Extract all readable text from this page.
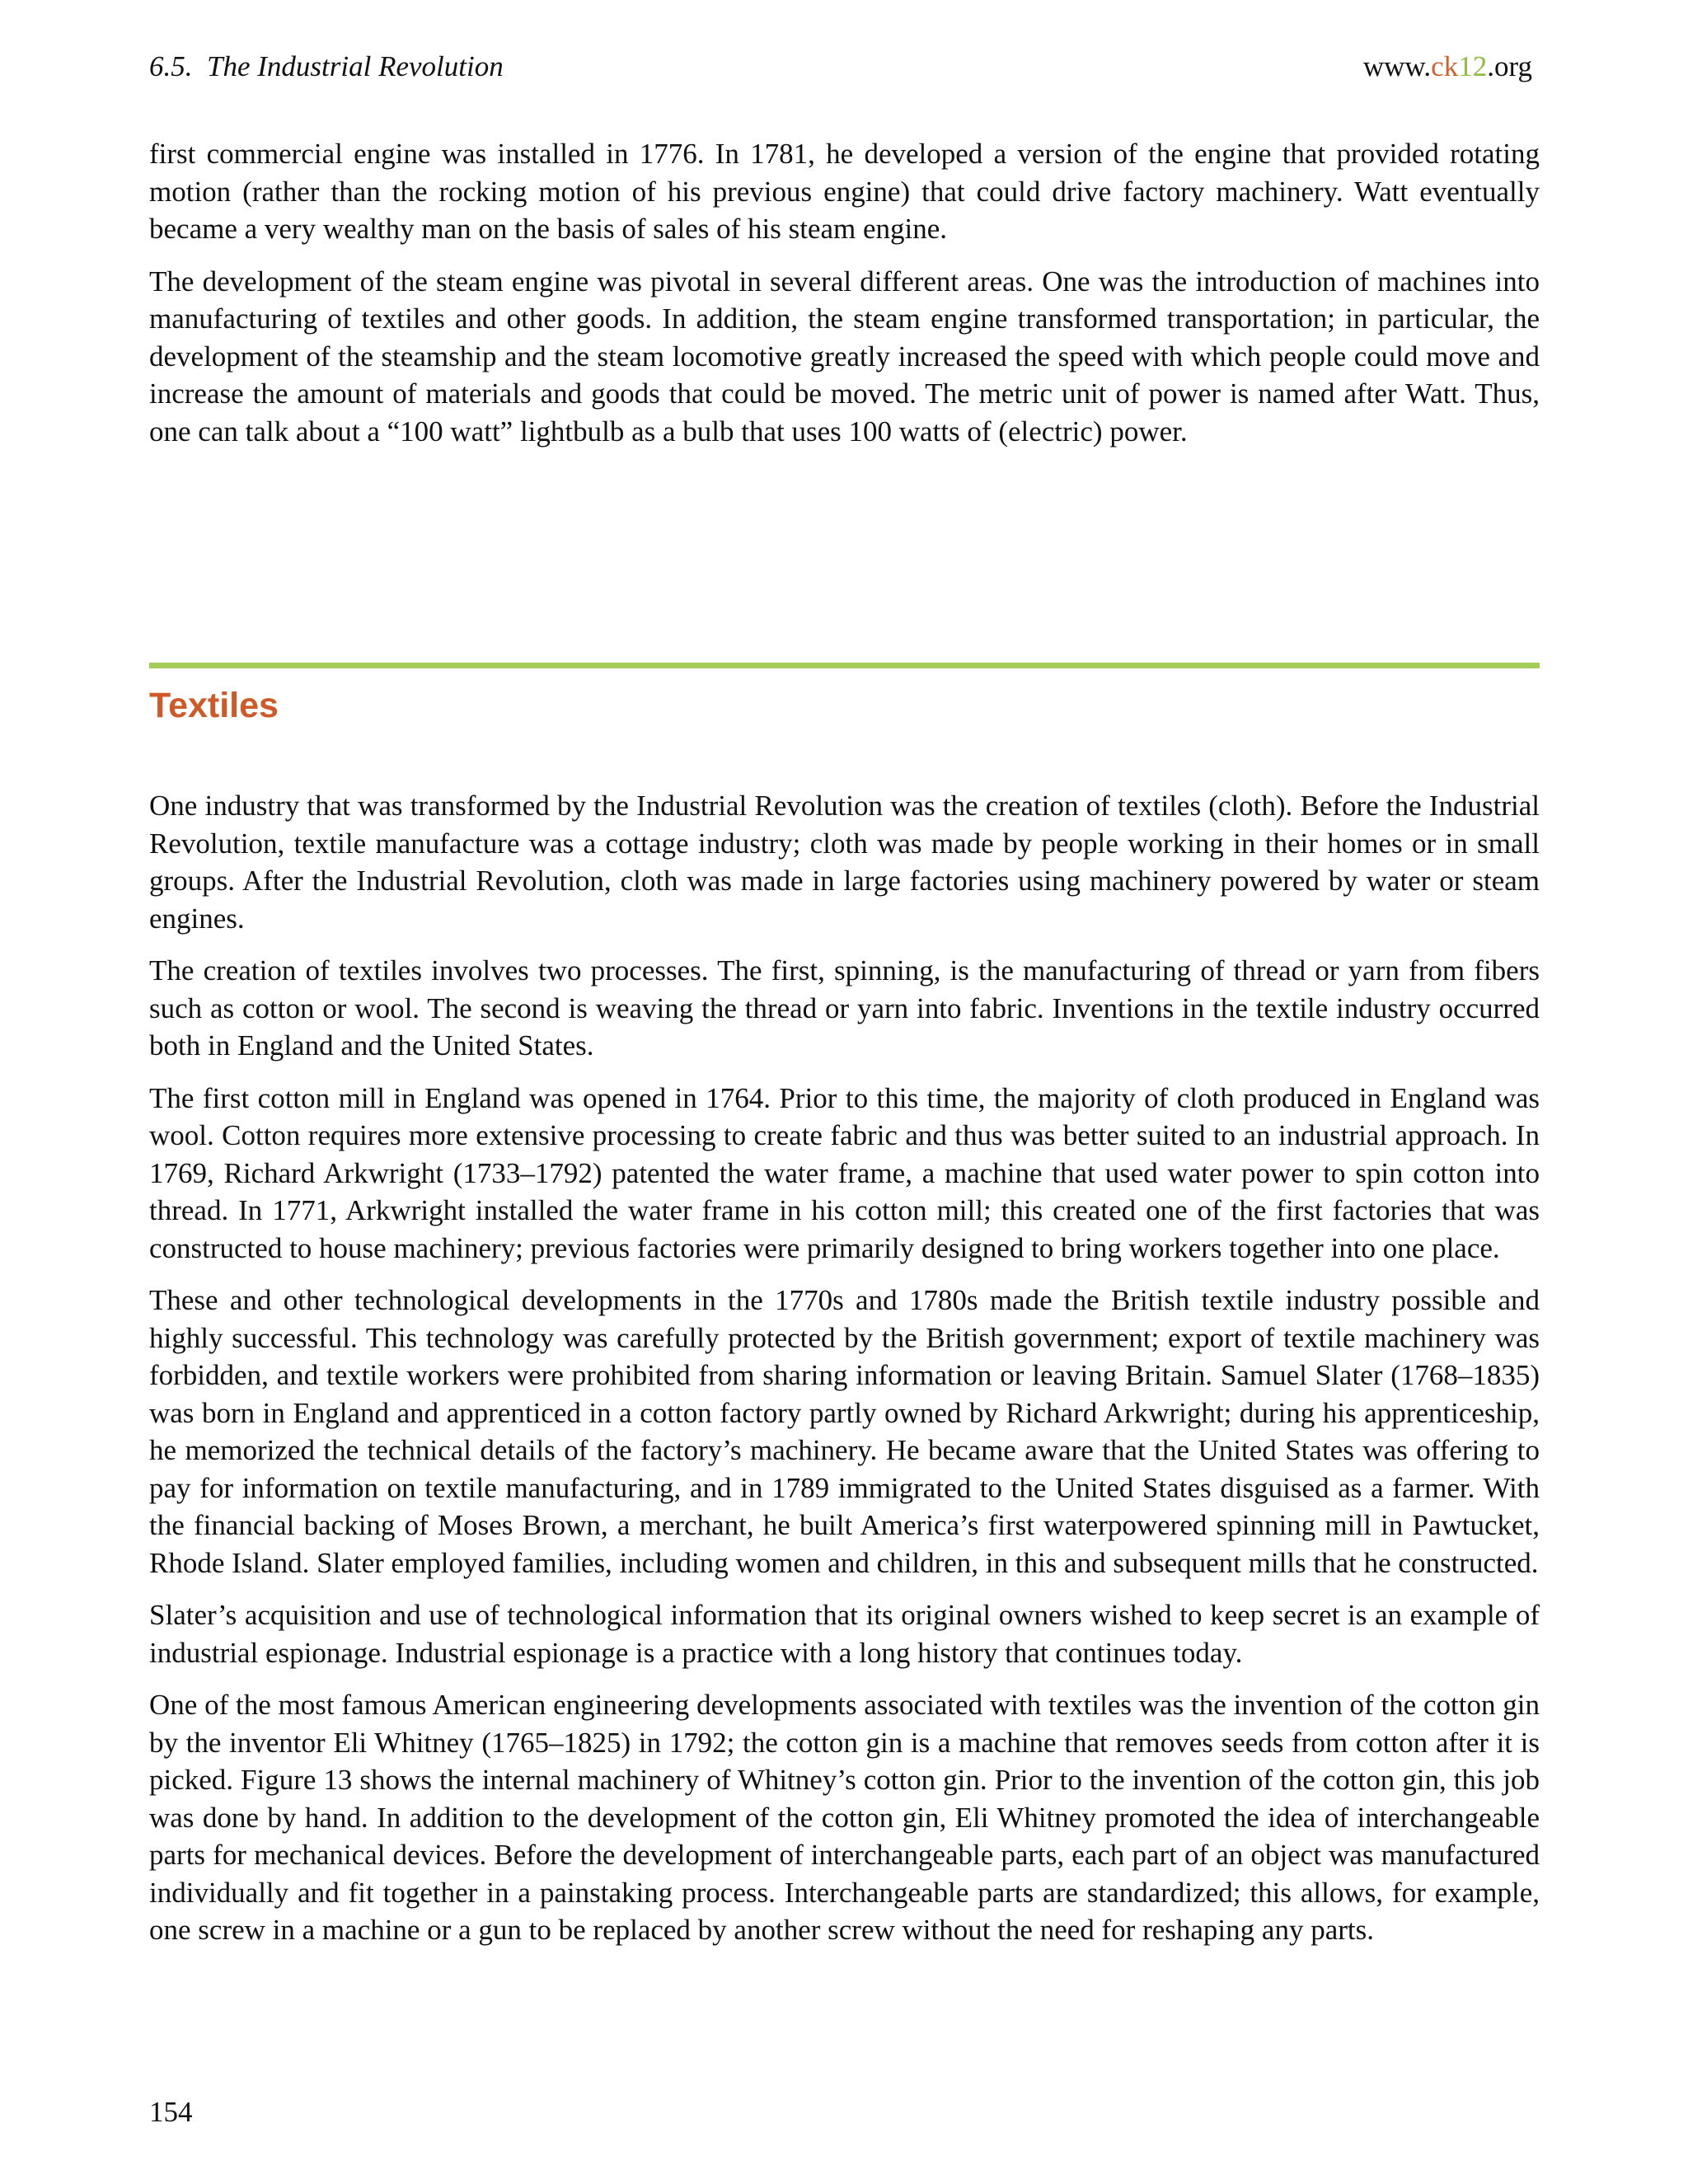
6.5.  The Industrial Revolution	www.ck12.org

first commercial engine was installed in 1776. In 1781, he developed a version of the engine that provided rotating motion (rather than the rocking motion of his previous engine) that could drive factory machinery. Watt eventually became a very wealthy man on the basis of sales of his steam engine.

The development of the steam engine was pivotal in several different areas. One was the introduction of machines into manufacturing of textiles and other goods. In addition, the steam engine transformed transportation; in particular, the development of the steamship and the steam locomotive greatly increased the speed with which people could move and increase the amount of materials and goods that could be moved. The metric unit of power is named after Watt. Thus, one can talk about a “100 watt” lightbulb as a bulb that uses 100 watts of (electric) power.

Textiles

One industry that was transformed by the Industrial Revolution was the creation of textiles (cloth). Before the Industrial Revolution, textile manufacture was a cottage industry; cloth was made by people working in their homes or in small groups. After the Industrial Revolution, cloth was made in large factories using machinery powered by water or steam engines.

The creation of textiles involves two processes. The first, spinning, is the manufacturing of thread or yarn from fibers such as cotton or wool. The second is weaving the thread or yarn into fabric. Inventions in the textile industry occurred both in England and the United States.

The first cotton mill in England was opened in 1764. Prior to this time, the majority of cloth produced in England was wool. Cotton requires more extensive processing to create fabric and thus was better suited to an industrial approach. In 1769, Richard Arkwright (1733–1792) patented the water frame, a machine that used water power to spin cotton into thread. In 1771, Arkwright installed the water frame in his cotton mill; this created one of the first factories that was constructed to house machinery; previous factories were primarily designed to bring workers together into one place.

These and other technological developments in the 1770s and 1780s made the British textile industry possible and highly successful. This technology was carefully protected by the British government; export of textile machinery was forbidden, and textile workers were prohibited from sharing information or leaving Britain. Samuel Slater (1768–1835) was born in England and apprenticed in a cotton factory partly owned by Richard Arkwright; during his apprenticeship, he memorized the technical details of the factory’s machinery. He became aware that the United States was offering to pay for information on textile manufacturing, and in 1789 immigrated to the United States disguised as a farmer. With the financial backing of Moses Brown, a merchant, he built America’s first waterpowered spinning mill in Pawtucket, Rhode Island. Slater employed families, including women and children, in this and subsequent mills that he constructed.

Slater’s acquisition and use of technological information that its original owners wished to keep secret is an example of industrial espionage. Industrial espionage is a practice with a long history that continues today.

One of the most famous American engineering developments associated with textiles was the invention of the cotton gin by the inventor Eli Whitney (1765–1825) in 1792; the cotton gin is a machine that removes seeds from cotton after it is picked. Figure 13 shows the internal machinery of Whitney’s cotton gin. Prior to the invention of the cotton gin, this job was done by hand. In addition to the development of the cotton gin, Eli Whitney promoted the idea of interchangeable parts for mechanical devices. Before the development of interchangeable parts, each part of an object was manufactured individually and fit together in a painstaking process. Interchangeable parts are standardized; this allows, for example, one screw in a machine or a gun to be replaced by another screw without the need for reshaping any parts.

154
